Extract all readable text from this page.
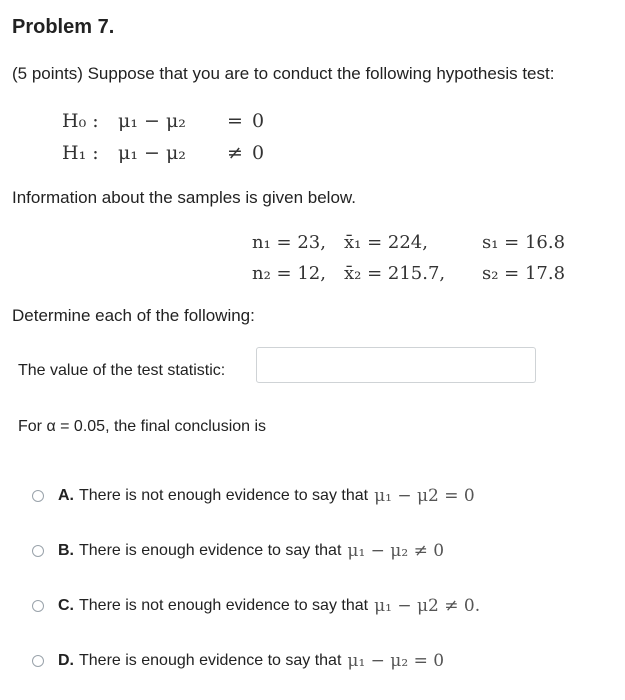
Problem 7.
(5 points) Suppose that you are to conduct the following hypothesis test:
H₀ : μ₁ − μ₂ = 0
H₁ : μ₁ − μ₂ ≠ 0
Information about the samples is given below.
n₁ = 23, x̄₁ = 224,	s₁ = 16.8
n₂ = 12, x̄₂ = 215.7, s₂ = 17.8
Determine each of the following:
The value of the test statistic:
For α = 0.05, the final conclusion is
A. There is not enough evidence to say that μ₁ − μ2 = 0
B. There is enough evidence to say that μ₁ − μ₂ ≠ 0
C. There is not enough evidence to say that μ₁ − μ2 ≠ 0.
D. There is enough evidence to say that μ₁ − μ₂ = 0
